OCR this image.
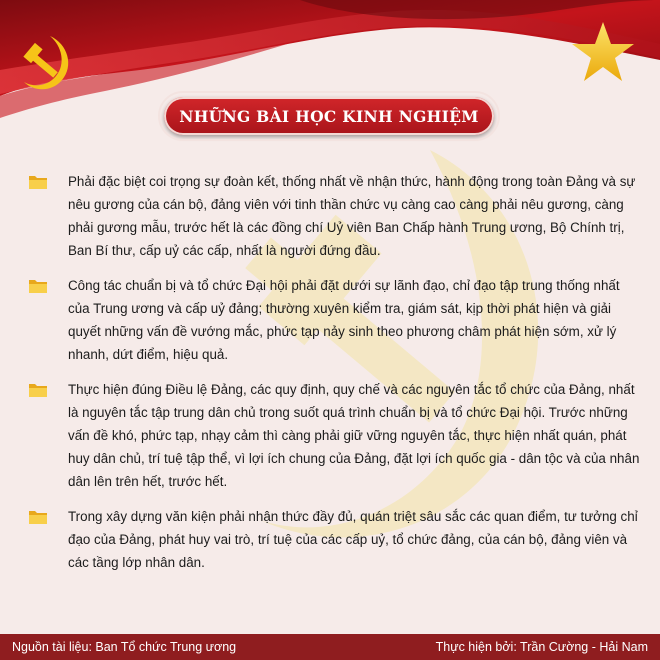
NHỮNG BÀI HỌC KINH NGHIỆM
Phải đặc biệt coi trọng sự đoàn kết, thống nhất về nhận thức, hành động trong toàn Đảng và sự nêu gương của cán bộ, đảng viên với tinh thần chức vụ càng cao càng phải nêu gương, càng phải gương mẫu, trước hết là các đồng chí Uỷ viên Ban Chấp hành Trung ương, Bộ Chính trị, Ban Bí thư, cấp uỷ các cấp, nhất là người đứng đầu.
Công tác chuẩn bị và tổ chức Đại hội phải đặt dưới sự lãnh đạo, chỉ đạo tập trung thống nhất của Trung ương và cấp uỷ đảng; thường xuyên kiểm tra, giám sát, kịp thời phát hiện và giải quyết những vấn đề vướng mắc, phức tạp nảy sinh theo phương châm phát hiện sớm, xử lý nhanh, dứt điểm, hiệu quả.
Thực hiện đúng Điều lệ Đảng, các quy định, quy chế và các nguyên tắc tổ chức của Đảng, nhất là nguyên tắc tập trung dân chủ trong suốt quá trình chuẩn bị và tổ chức Đại hội. Trước những vấn đề khó, phức tạp, nhạy cảm thì càng phải giữ vững nguyên tắc, thực hiện nhất quán, phát huy dân chủ, trí tuệ tập thể, vì lợi ích chung của Đảng, đặt lợi ích quốc gia - dân tộc và của nhân dân lên trên hết, trước hết.
Trong xây dựng văn kiện phải nhận thức đầy đủ, quán triệt sâu sắc các quan điểm, tư tưởng chỉ đạo của Đảng, phát huy vai trò, trí tuệ của các cấp uỷ, tổ chức đảng, của cán bộ, đảng viên và các tầng lớp nhân dân.
Nguồn tài liệu: Ban Tổ chức Trung ương	Thực hiện bởi: Trần Cường - Hải Nam
